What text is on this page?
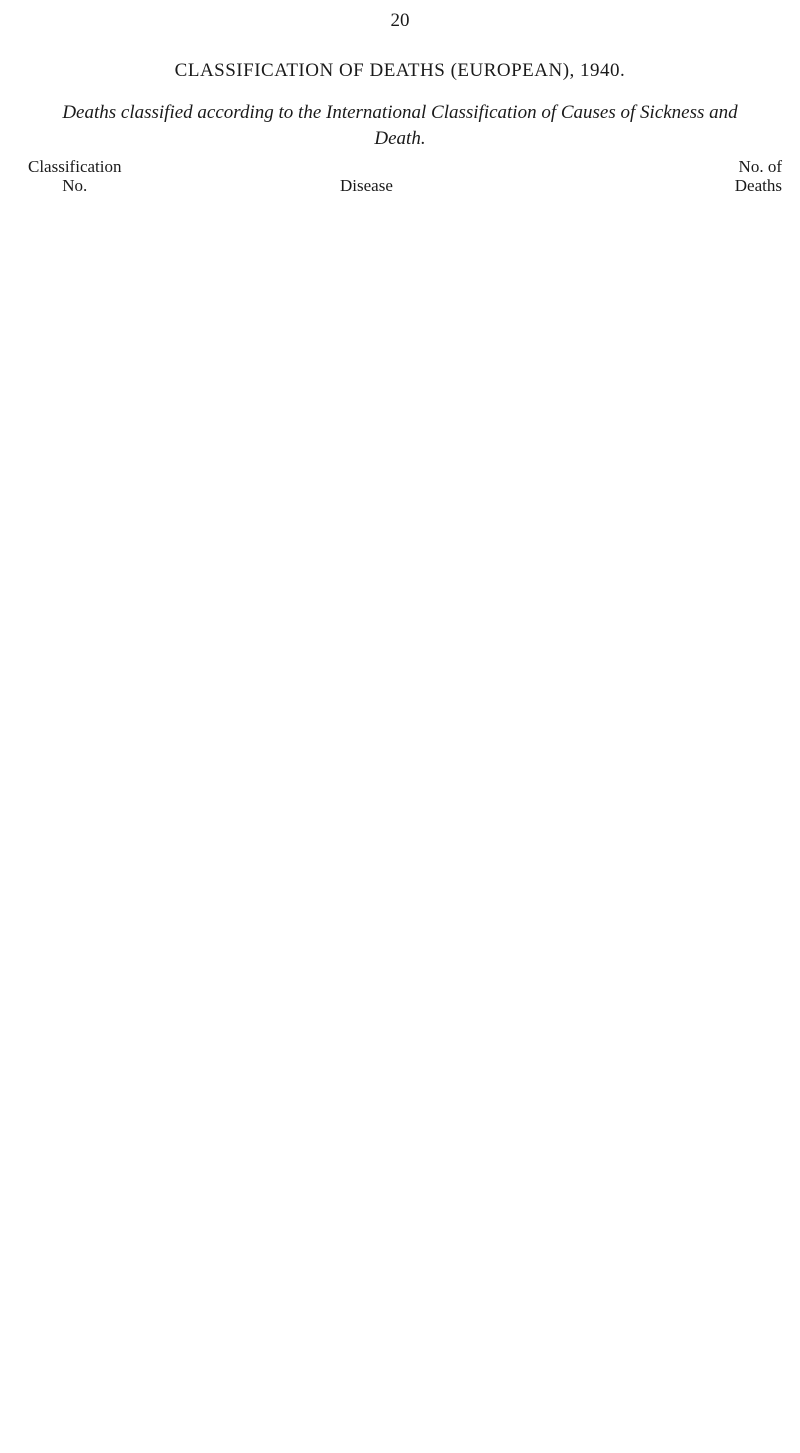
20
CLASSIFICATION OF DEATHS (EUROPEAN), 1940.
Deaths classified according to the International Classification of Causes of Sickness and Death.
Classification
No.	Disease
No. of
Deaths
